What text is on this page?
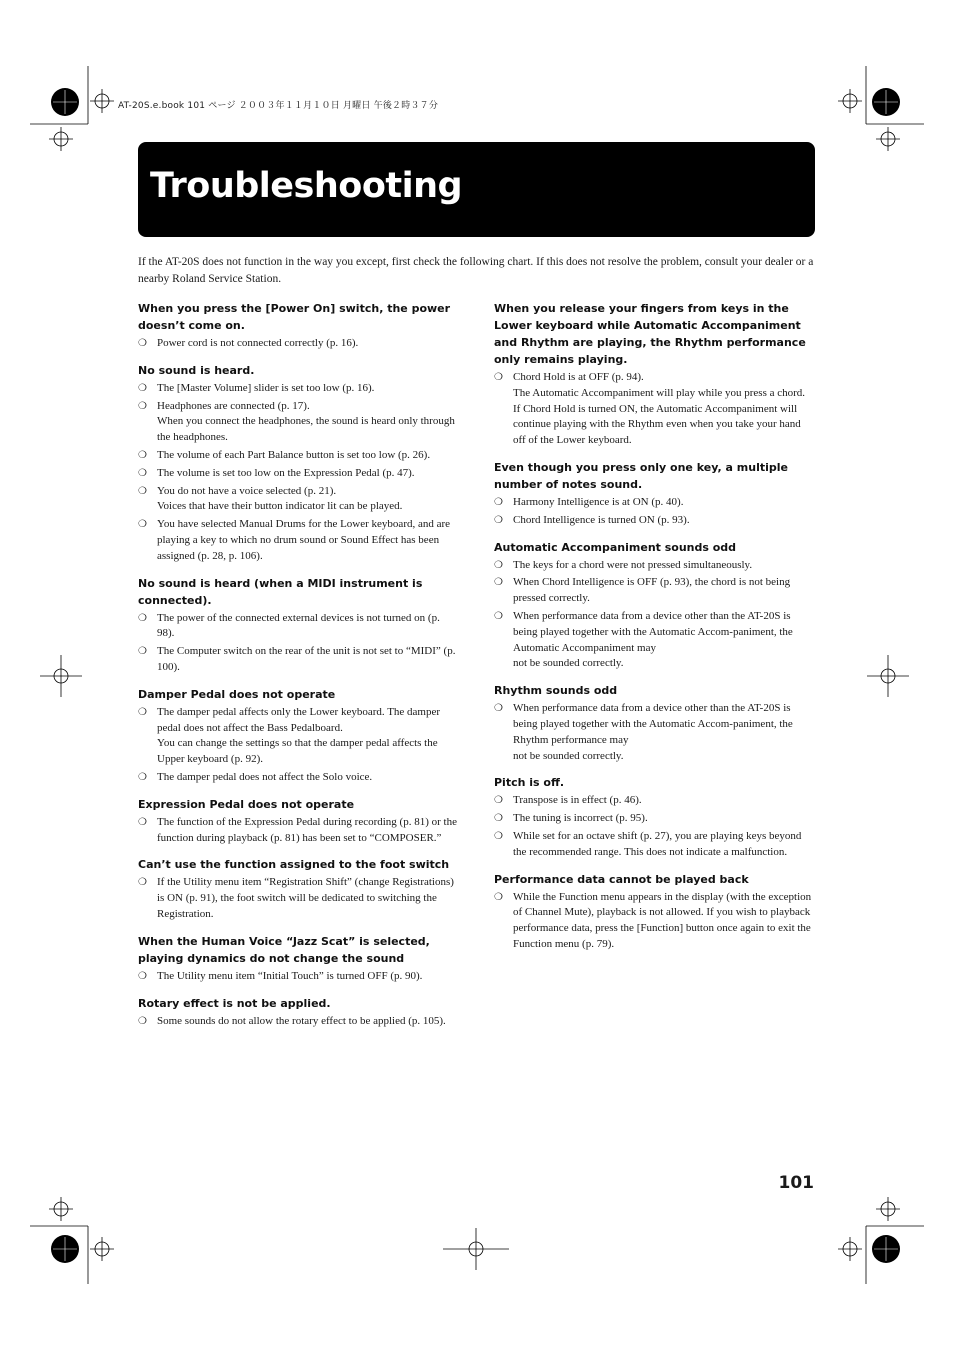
AT-20S.e.book 101 ページ ２００３年１１月１０日 月曜日 午後２時３７分
Troubleshooting

If the AT-20S does not function in the way you except, first check the following chart. If this does not resolve the problem, consult your dealer or a nearby Roland Service Station.

When you press the [Power On] switch, the power doesn’t come on.
❍ Power cord is not connected correctly (p. 16).
No sound is heard.
❍ The [Master Volume] slider is set too low (p. 16).
❍ Headphones are connected (p. 17).
When you connect the headphones, the sound is heard only through the headphones.
❍ The volume of each Part Balance button is set too low (p. 26).
❍ The volume is set too low on the Expression Pedal (p. 47).
❍ You do not have a voice selected (p. 21).
Voices that have their button indicator lit can be played.
❍ You have selected Manual Drums for the Lower keyboard, and are playing a key to which no drum sound or Sound Effect has been assigned (p. 28, p. 106).
No sound is heard (when a MIDI instrument is connected).
❍ The power of the connected external devices is not turned on (p. 98).
❍ The Computer switch on the rear of the unit is not set to “MIDI” (p. 100).
Damper Pedal does not operate
❍ The damper pedal affects only the Lower keyboard. The damper pedal does not affect the Bass Pedalboard.
You can change the settings so that the damper pedal affects the Upper keyboard (p. 92).
❍ The damper pedal does not affect the Solo voice.
Expression Pedal does not operate
❍ The function of the Expression Pedal during recording (p. 81) or the function during playback (p. 81) has been set to “COMPOSER.”
Can’t use the function assigned to the foot switch
❍ If the Utility menu item “Registration Shift” (change Registrations) is ON (p. 91), the foot switch will be dedicated to switching the Registration.
When the Human Voice “Jazz Scat” is selected, playing dynamics do not change the sound
❍ The Utility menu item “Initial Touch” is turned OFF (p. 90).
Rotary effect is not be applied.
❍ Some sounds do not allow the rotary effect to be applied (p. 105).
When you release your fingers from keys in the Lower keyboard while Automatic Accompaniment and Rhythm are playing, the Rhythm performance only remains playing.
❍ Chord Hold is at OFF (p. 94).
The Automatic Accompaniment will play while you press a chord. If Chord Hold is turned ON, the Automatic Accompaniment will continue playing with the Rhythm even when you take your hand off of the Lower keyboard.
Even though you press only one key, a multiple number of notes sound.
❍ Harmony Intelligence is at ON (p. 40).
❍ Chord Intelligence is turned ON (p. 93).
Automatic Accompaniment sounds odd
❍ The keys for a chord were not pressed simultaneously.
❍ When Chord Intelligence is OFF (p. 93), the chord is not being pressed correctly.
❍ When performance data from a device other than the AT-20S is being played together with the Automatic Accom-paniment, the Automatic Accompaniment may
not be sounded correctly.
Rhythm sounds odd
❍ When performance data from a device other than the AT-20S is being played together with the Automatic Accom-paniment, the Rhythm performance may
not be sounded correctly.
Pitch is off.
❍ Transpose is in effect (p. 46).
❍ The tuning is incorrect (p. 95).
❍ While set for an octave shift (p. 27), you are playing keys beyond the recommended range. This does not indicate a malfunction.
Performance data cannot be played back
❍ While the Function menu appears in the display (with the exception of Channel Mute), playback is not allowed. If you wish to playback performance data, press the [Function] button once again to exit the Function menu (p. 79).
101
